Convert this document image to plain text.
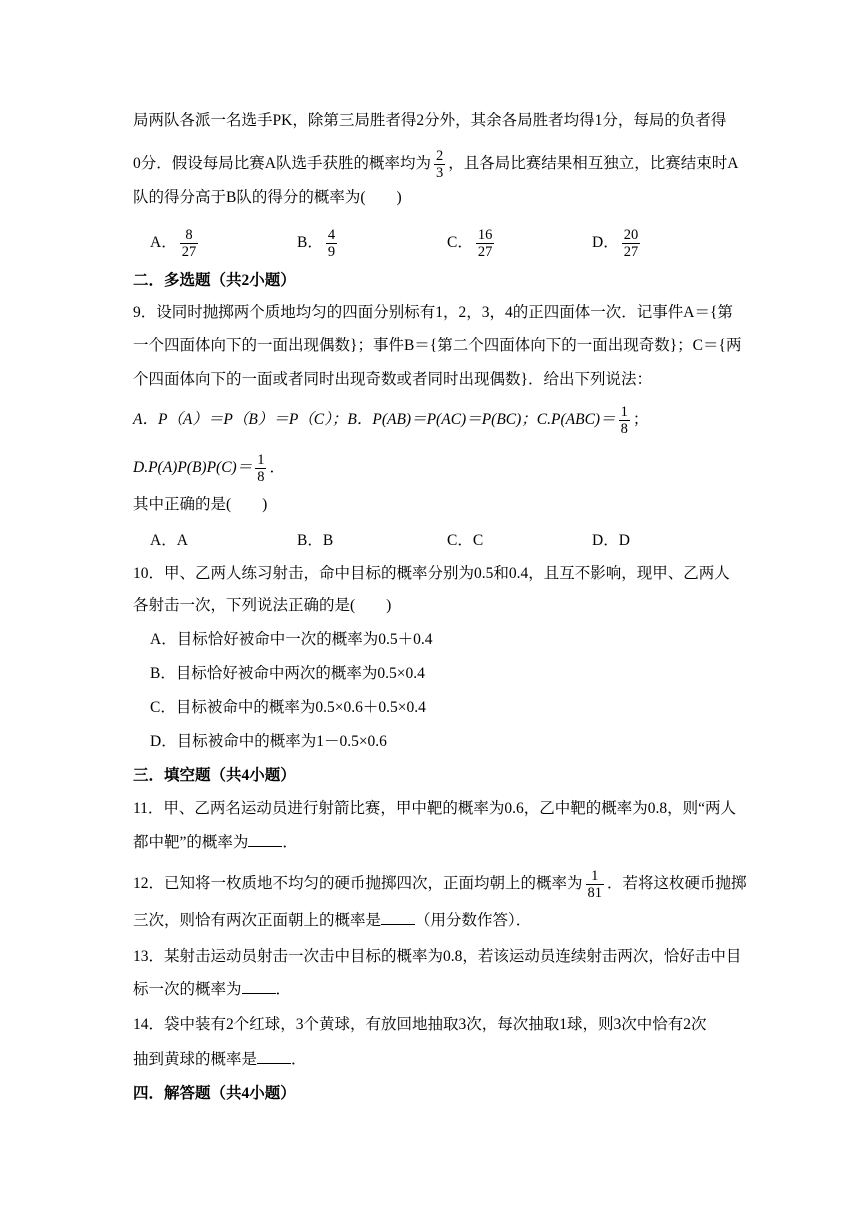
局两队各派一名选手PK，除第三局胜者得2分外，其余各局胜者均得1分，每局的负者得
0分．假设每局比赛A队选手获胜的概率均为 $\frac{2}{3}$ ，且各局比赛结果相互独立，比赛结束时A
队的得分高于B队的得分的概率为(　　)
A． $\frac{8}{27}$	B． $\frac{4}{9}$	C． $\frac{16}{27}$	D． $\frac{20}{27}$
二．多选题（共2小题）
9．设同时抛掷两个质地均匀的四面分别标有1，2，3，4的正四面体一次．记事件A＝{第
一个四面体向下的一面出现偶数}；事件B＝{第二个四面体向下的一面出现奇数}；C＝{两
个四面体向下的一面或者同时出现奇数或者同时出现偶数}．给出下列说法：
A．P（A）＝P（B）＝P（C）；B．P(AB)＝P(AC)＝P(BC)；$C.P(ABC)= \frac{1}{8}$ ；
$D.P(A)P(B)P(C)= \frac{1}{8}$ ．
其中正确的是(　　)
A．A	B．B	C．C	D．D
10．甲、乙两人练习射击，命中目标的概率分别为0.5和0.4，且互不影响，现甲、乙两人
各射击一次，下列说法正确的是(　　)
A．目标恰好被命中一次的概率为0.5＋0.4
B．目标恰好被命中两次的概率为0.5×0.4
C．目标被命中的概率为0.5×0.6＋0.5×0.4
D．目标被命中的概率为1－0.5×0.6
三．填空题（共4小题）
11．甲、乙两名运动员进行射箭比赛，甲中靶的概率为0.6，乙中靶的概率为0.8，则“两人
都中靶”的概率为 ．
12．已知将一枚质地不均匀的硬币抛掷四次，正面均朝上的概率为 $\frac{1}{81}$ ．若将这枚硬币抛掷
三次，则恰有两次正面朝上的概率是 （用分数作答）．
13．某射击运动员射击一次击中目标的概率为0.8，若该运动员连续射击两次，恰好击中目
标一次的概率为 ．
14．袋中装有2个红球，3个黄球，有放回地抽取3次，每次抽取1球，则3次中恰有2次
抽到黄球的概率是 ．
四．解答题（共4小题）
